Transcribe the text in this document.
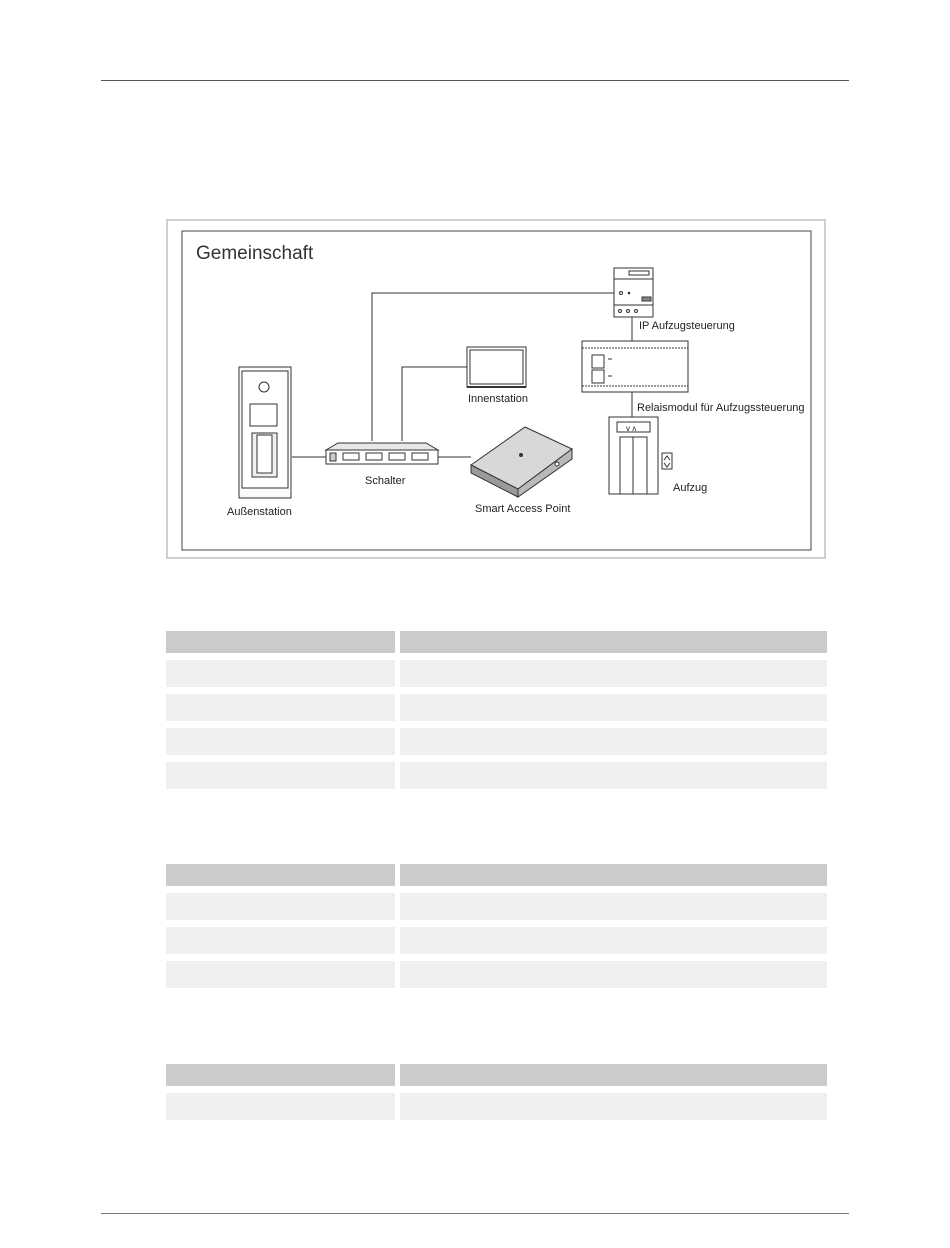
Gemeinschaft
IP Aufzugsteuerung
Innenstation
Relaismodul für Aufzugssteuerung
Außenstation
Schalter
Smart Access Point
Aufzug
v ʌ
